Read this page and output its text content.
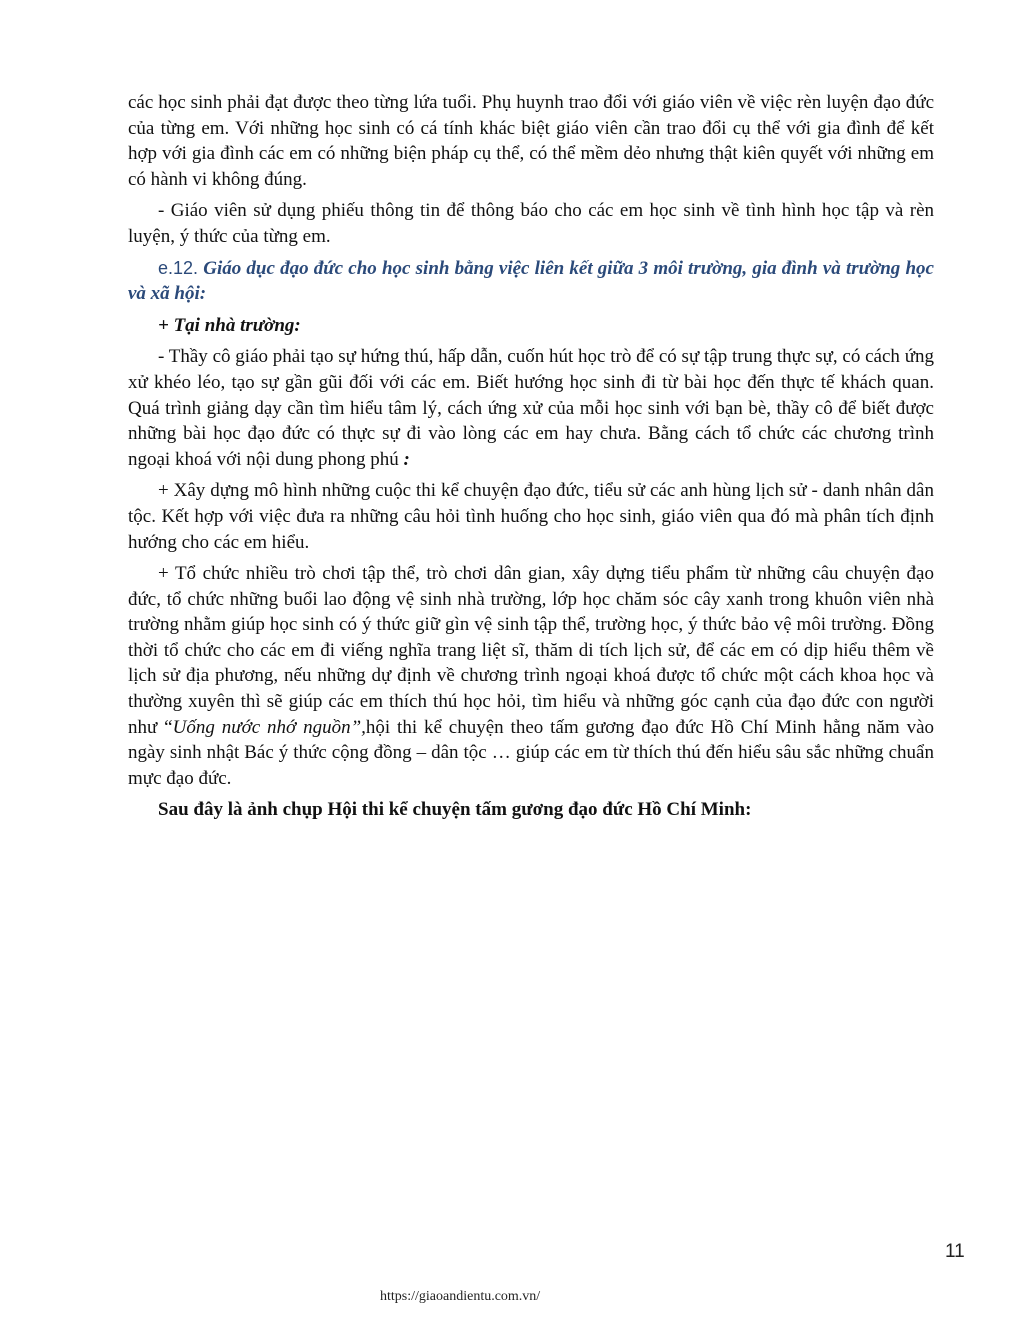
các học sinh phải đạt được theo từng lứa tuổi. Phụ huynh trao đổi với giáo viên về việc rèn luyện đạo đức của từng em. Với những học sinh có cá tính khác biệt giáo viên cần trao đổi cụ thể với gia đình để kết hợp với gia đình các em có những biện pháp cụ thể, có thể mềm dẻo nhưng thật kiên quyết với những em có hành vi không đúng.

- Giáo viên sử dụng phiếu thông tin để thông báo cho các em học sinh về tình hình học tập và rèn luyện, ý thức của từng em.

e.12. Giáo dục đạo đức cho học sinh bằng việc liên kết giữa 3 môi trường, gia đình và trường học và xã hội:

+ Tại nhà trường:

- Thầy cô giáo phải tạo sự hứng thú, hấp dẫn, cuốn hút học trò để có sự tập trung thực sự, có cách ứng xử khéo léo, tạo sự gần gũi đối với các em. Biết hướng học sinh đi từ bài học đến thực tế khách quan. Quá trình giảng dạy cần tìm hiểu tâm lý, cách ứng xử của mỗi học sinh với bạn bè, thầy cô để biết được những bài học đạo đức có thực sự đi vào lòng các em hay chưa. Bằng cách tổ chức các chương trình ngoại khoá với nội dung phong phú :

+ Xây dựng mô hình những cuộc thi kể chuyện đạo đức, tiểu sử các anh hùng lịch sử - danh nhân dân tộc. Kết hợp với việc đưa ra những câu hỏi tình huống cho học sinh, giáo viên qua đó mà phân tích định hướng cho các em hiểu.

+ Tổ chức nhiều trò chơi tập thể, trò chơi dân gian, xây dựng tiểu phẩm từ những câu chuyện đạo đức, tổ chức những buổi lao động vệ sinh nhà trường, lớp học chăm sóc cây xanh trong khuôn viên nhà trường nhằm giúp học sinh có ý thức giữ gìn vệ sinh tập thể, trường học, ý thức bảo vệ môi trường. Đồng thời tổ chức cho các em đi viếng nghĩa trang liệt sĩ, thăm di tích lịch sử, để các em có dịp hiểu thêm về lịch sử địa phương, nếu những dự định về chương trình ngoại khoá được tổ chức một cách khoa học và thường xuyên thì sẽ giúp các em thích thú học hỏi, tìm hiểu và những góc cạnh của đạo đức con người như “Uống nước nhớ nguồn”,hội thi kể chuyện theo tấm gương đạo đức Hồ Chí Minh hằng năm vào ngày sinh nhật Bác ý thức cộng đồng – dân tộc … giúp các em từ thích thú đến hiểu sâu sắc những chuẩn mực đạo đức.

Sau đây là ảnh chụp Hội thi kể chuyện tấm gương đạo đức Hồ Chí Minh:

11
https://giaoandientu.com.vn/
